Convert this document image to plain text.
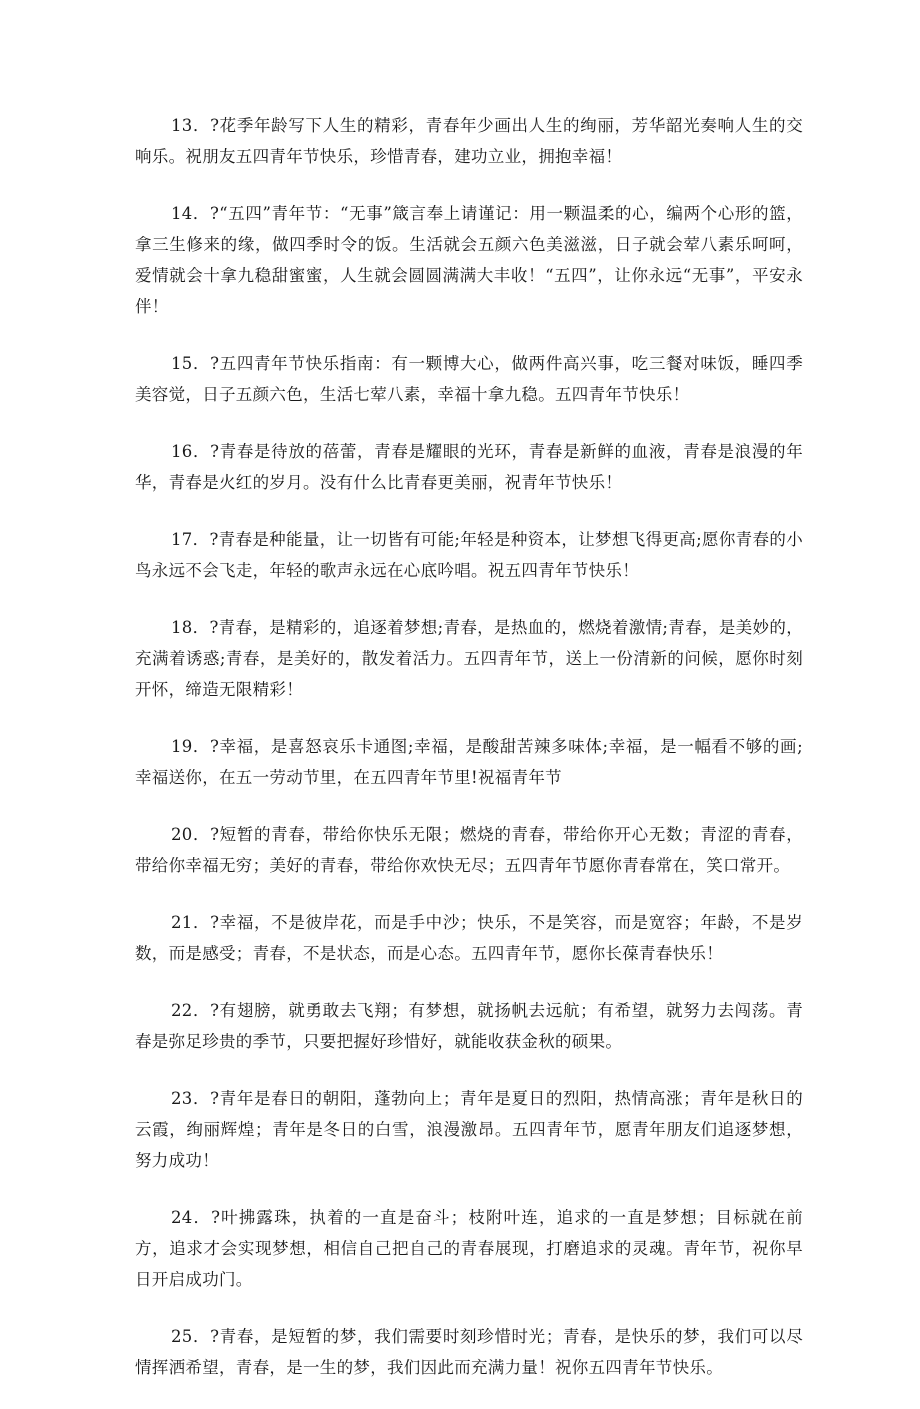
13．?花季年龄写下人生的精彩，青春年少画出人生的绚丽，芳华韶光奏响人生的交响乐。祝朋友五四青年节快乐，珍惜青春，建功立业，拥抱幸福！

14．?“五四”青年节：“无事”箴言奉上请谨记：用一颗温柔的心，编两个心形的篮，拿三生修来的缘，做四季时令的饭。生活就会五颜六色美滋滋，日子就会荤八素乐呵呵，爱情就会十拿九稳甜蜜蜜，人生就会圆圆满满大丰收！“五四”，让你永远“无事”，平安永伴！

15．?五四青年节快乐指南：有一颗博大心，做两件高兴事，吃三餐对味饭，睡四季美容觉，日子五颜六色，生活七荤八素，幸福十拿九稳。五四青年节快乐！

16．?青春是待放的蓓蕾，青春是耀眼的光环，青春是新鲜的血液，青春是浪漫的年华，青春是火红的岁月。没有什么比青春更美丽，祝青年节快乐！

17．?青春是种能量，让一切皆有可能;年轻是种资本，让梦想飞得更高;愿你青春的小鸟永远不会飞走，年轻的歌声永远在心底吟唱。祝五四青年节快乐！

18．?青春，是精彩的，追逐着梦想;青春，是热血的，燃烧着激情;青春，是美妙的，充满着诱惑;青春，是美好的，散发着活力。五四青年节，送上一份清新的问候，愿你时刻开怀，缔造无限精彩！

19．?幸福，是喜怒哀乐卡通图;幸福，是酸甜苦辣多味体;幸福，是一幅看不够的画;幸福送你，在五一劳动节里，在五四青年节里!祝福青年节

20．?短暂的青春，带给你快乐无限；燃烧的青春，带给你开心无数；青涩的青春，带给你幸福无穷；美好的青春，带给你欢快无尽；五四青年节愿你青春常在，笑口常开。

21．?幸福，不是彼岸花，而是手中沙；快乐，不是笑容，而是宽容；年龄，不是岁数，而是感受；青春，不是状态，而是心态。五四青年节，愿你长葆青春快乐！

22．?有翅膀，就勇敢去飞翔；有梦想，就扬帆去远航；有希望，就努力去闯荡。青春是弥足珍贵的季节，只要把握好珍惜好，就能收获金秋的硕果。

23．?青年是春日的朝阳，蓬勃向上；青年是夏日的烈阳，热情高涨；青年是秋日的云霞，绚丽辉煌；青年是冬日的白雪，浪漫激昂。五四青年节，愿青年朋友们追逐梦想，努力成功！

24．?叶拂露珠，执着的一直是奋斗；枝附叶连，追求的一直是梦想；目标就在前方，追求才会实现梦想，相信自己把自己的青春展现，打磨追求的灵魂。青年节，祝你早日开启成功门。

25．?青春，是短暂的梦，我们需要时刻珍惜时光；青春，是快乐的梦，我们可以尽情挥洒希望，青春，是一生的梦，我们因此而充满力量！祝你五四青年节快乐。
